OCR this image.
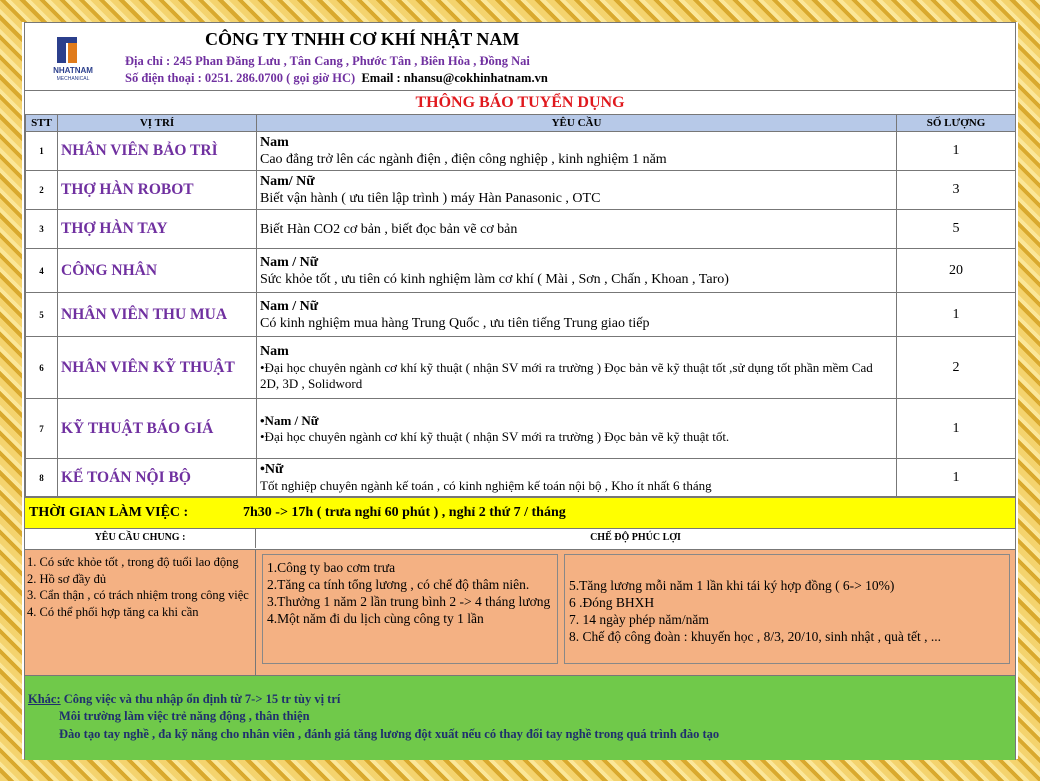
NHATNAM
MECHANICAL
CÔNG TY TNHH CƠ KHÍ NHẬT NAM
Địa chỉ : 245 Phan Đăng Lưu , Tân Cang , Phước Tân , Biên Hòa , Đồng Nai
Số điện thoại : 0251. 286.0700 ( gọi giờ HC) Email : nhansu@cokhinhatnam.vn
THÔNG BÁO TUYỂN DỤNG
STT	VỊ TRÍ	YÊU CẦU	SỐ LƯỢNG
1	NHÂN VIÊN BẢO TRÌ	Nam
Cao đẳng trở lên các ngành điện , điện công nghiệp , kinh nghiệm 1 năm	1
2	THỢ HÀN ROBOT	Nam/ Nữ
Biết vận hành ( ưu tiên lập trình ) máy Hàn Panasonic , OTC	3
3	THỢ HÀN TAY	Biết Hàn CO2 cơ bản , biết đọc bản vẽ cơ bản	5
4	CÔNG NHÂN	Nam / Nữ
Sức khỏe tốt , ưu tiên có kinh nghiệm làm cơ khí ( Mài , Sơn , Chấn , Khoan , Taro)	20
5	NHÂN VIÊN THU MUA	Nam / Nữ
Có kinh nghiệm mua hàng Trung Quốc , ưu tiên tiếng Trung giao tiếp	1
6	NHÂN VIÊN KỸ THUẬT	Nam
•Đại học chuyên ngành cơ khí kỹ thuật ( nhận SV mới ra trường ) Đọc bản vẽ kỹ thuật tốt ,sử dụng tốt phần mềm Cad 2D, 3D , Solidword	2
7	KỸ THUẬT BÁO GIÁ	•Nam / Nữ
•Đại học chuyên ngành cơ khí kỹ thuật ( nhận SV mới ra trường ) Đọc bản vẽ kỹ thuật tốt.	1
8	KẾ TOÁN NỘI BỘ	•Nữ
Tốt nghiệp chuyên ngành kế toán , có kinh nghiệm kế toán nội bộ , Kho ít nhất 6 tháng	1
THỜI GIAN LÀM VIỆC :	7h30 -> 17h ( trưa nghỉ 60 phút ) , nghỉ 2 thứ 7 / tháng
YÊU CẦU CHUNG :	CHẾ ĐỘ PHÚC LỢI
1. Có sức khỏe tốt , trong độ tuổi lao động
2. Hồ sơ đầy đủ
3. Cẩn thận , có trách nhiệm trong công việc
4. Có thể phối hợp tăng ca khi cần
1.Công ty bao cơm trưa
2.Tăng ca tính tổng lương , có chế độ thâm niên.
3.Thưởng 1 năm 2 lần trung bình 2 -> 4 tháng lương
4.Một năm đi du lịch cùng công ty 1 lần
5.Tăng lương mỗi năm 1 lần khi tái ký hợp đồng ( 6-> 10%)
6 .Đóng BHXH
7. 14 ngày phép năm/năm
8. Chế độ công đoàn : khuyến học , 8/3, 20/10, sinh nhật , quà tết , ...
Khác: Công việc và thu nhập ổn định từ 7-> 15 tr tùy vị trí
Môi trường làm việc trẻ năng động , thân thiện
Đào tạo tay nghề , đa kỹ năng cho nhân viên , đánh giá tăng lương đột xuất nếu có thay đổi tay nghề trong quá trình đào tạo
